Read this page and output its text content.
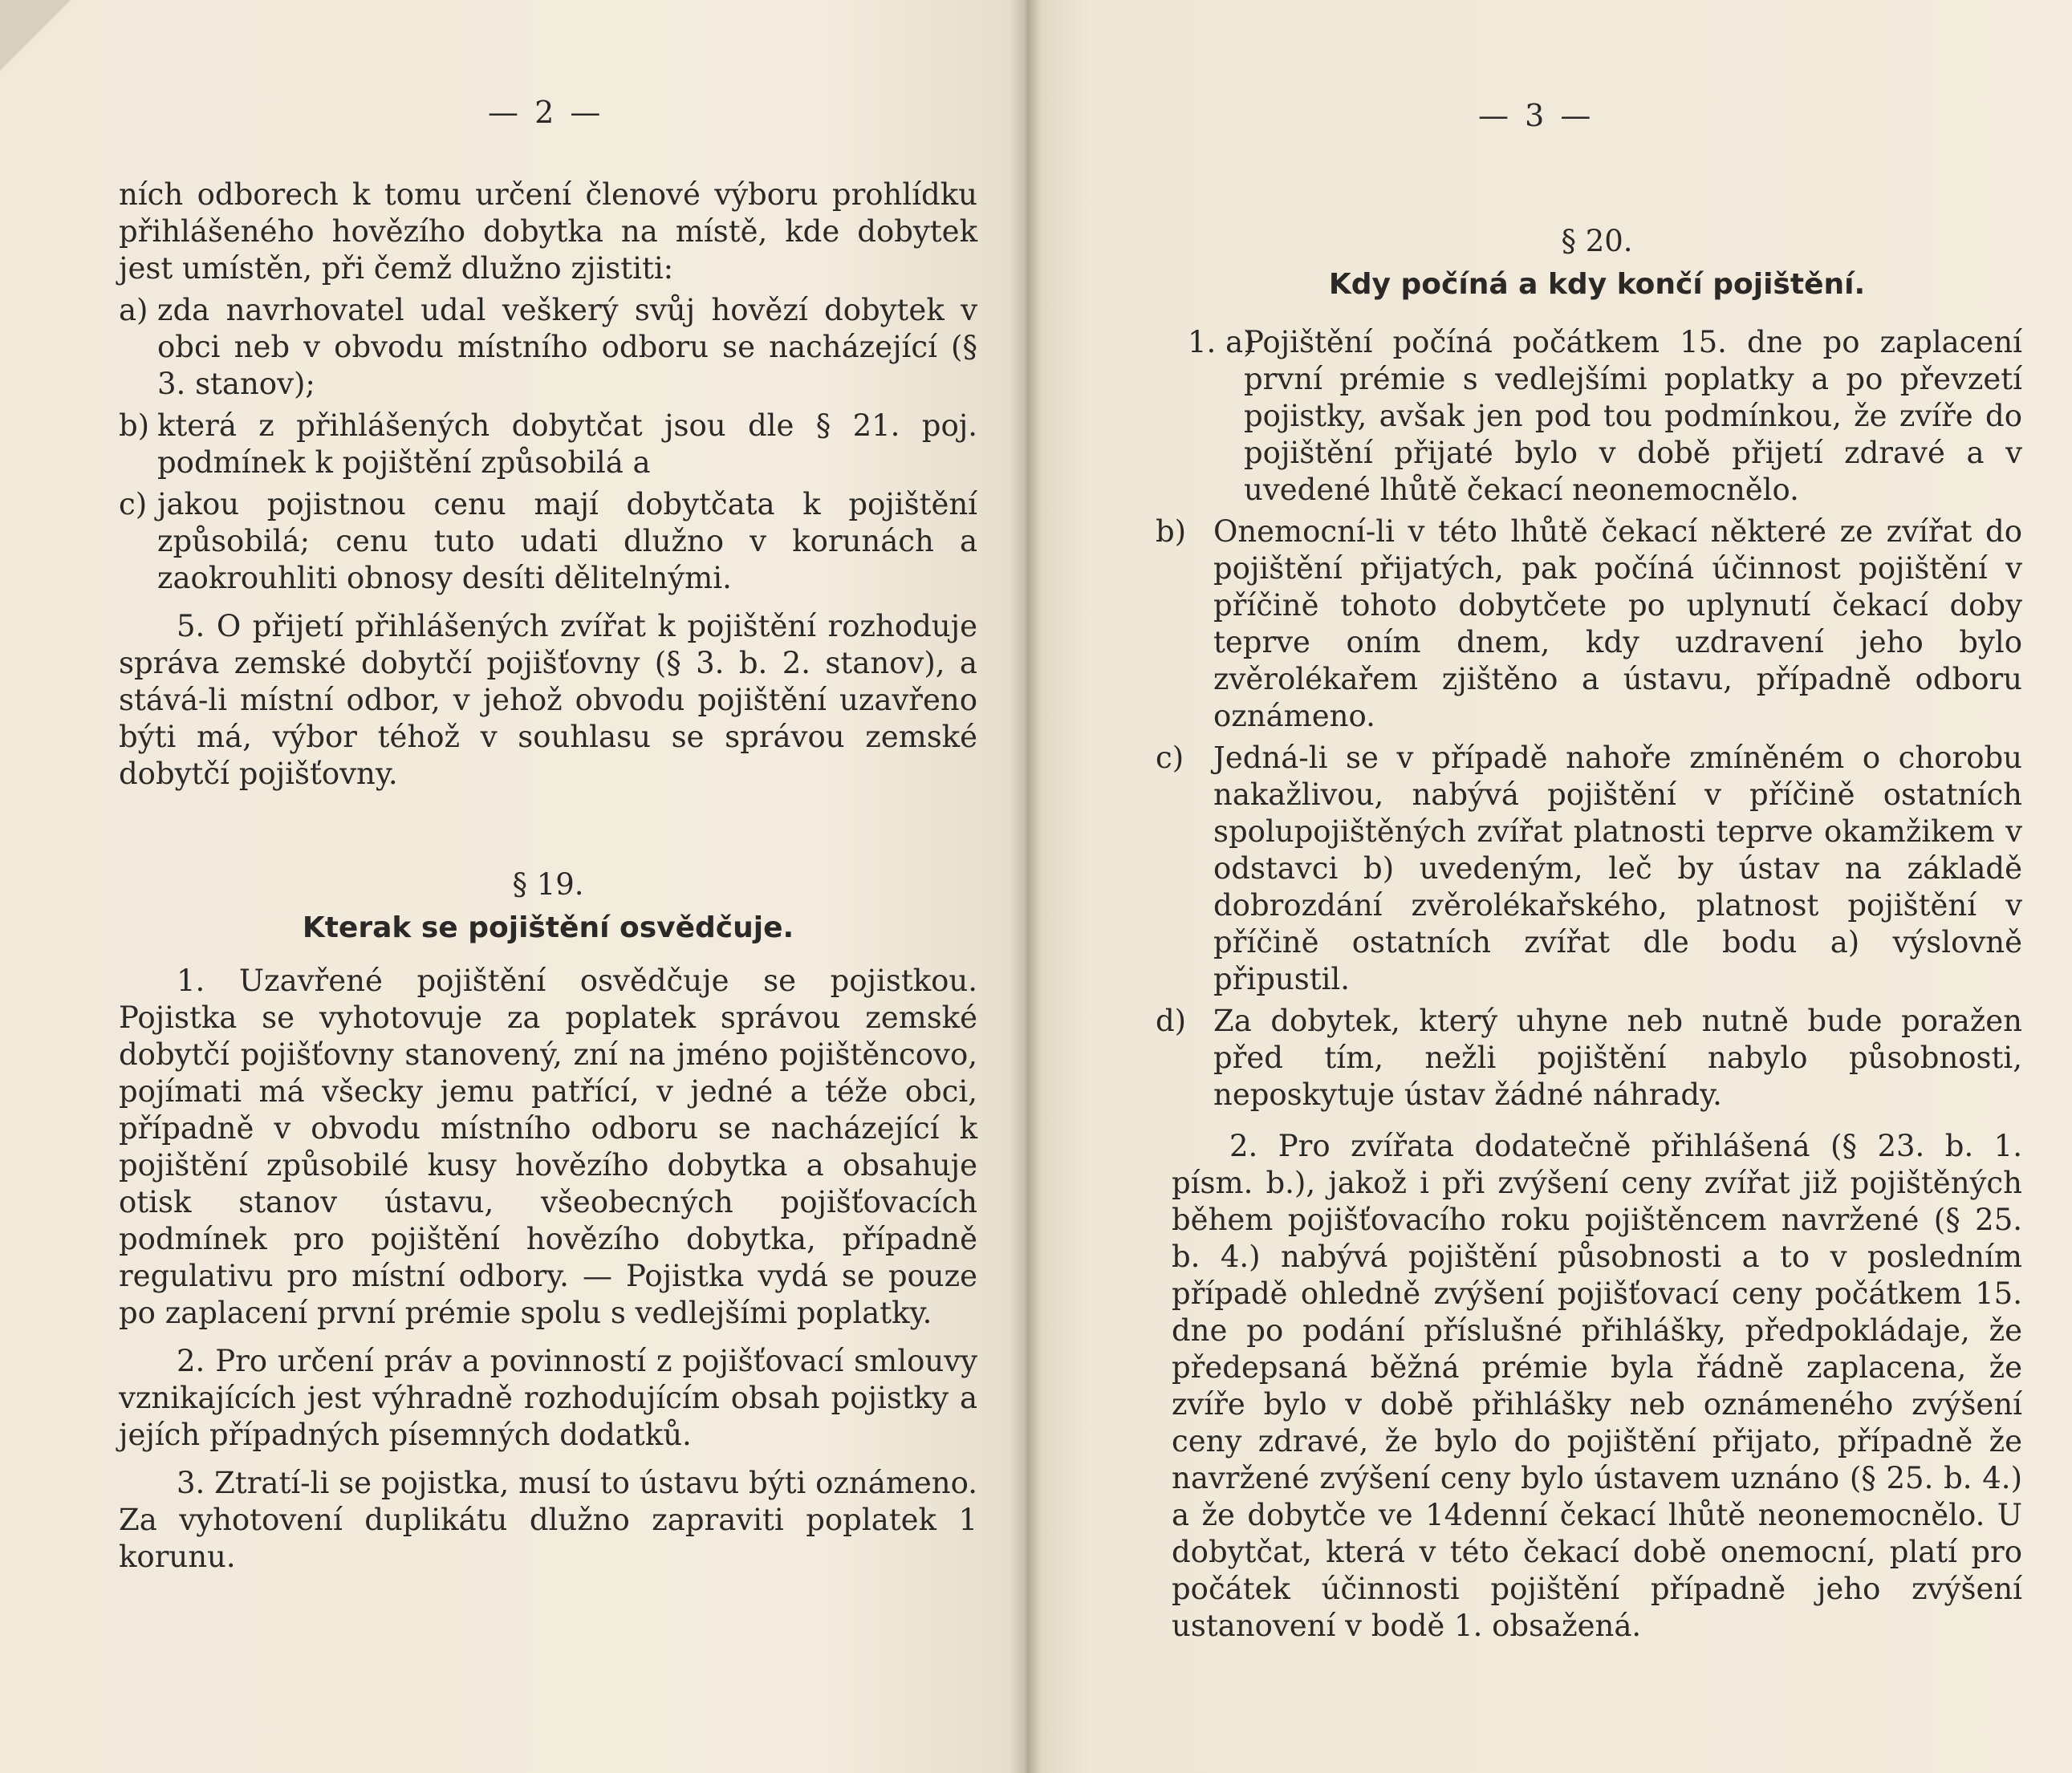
— 2 —

ních odborech k tomu určení členové výboru prohlídku přihlášeného hovězího dobytka na místě, kde dobytek jest umístěn, při čemž dlužno zjistiti:

a) zda navrhovatel udal veškerý svůj hovězí dobytek v obci neb v obvodu místního odboru se nacházející (§ 3. stanov);
b) která z přihlášených dobytčat jsou dle § 21. poj. podmínek k pojištění způsobilá a
c) jakou pojistnou cenu mají dobytčata k pojištění způsobilá; cenu tuto udati dlužno v korunách a zaokrouhliti obnosy desíti dělitelnými.

5. O přijetí přihlášených zvířat k pojištění rozhoduje správa zemské dobytčí pojišťovny (§ 3. b. 2. stanov), a stává-li místní odbor, v jehož obvodu pojištění uzavřeno býti má, výbor téhož v souhlasu se správou zemské dobytčí pojišťovny.

§ 19.
Kterak se pojištění osvědčuje.

1. Uzavřené pojištění osvědčuje se pojistkou. Pojistka se vyhotovuje za poplatek správou zemské dobytčí pojišťovny stanovený, zní na jméno pojištěncovo, pojímati má všecky jemu patřící, v jedné a téže obci, případně v obvodu místního odboru se nacházející k pojištění způsobilé kusy hovězího dobytka a obsahuje otisk stanov ústavu, všeobecných pojišťovacích podmínek pro pojištění hovězího dobytka, případně regulativu pro místní odbory. — Pojistka vydá se pouze po zaplacení první prémie spolu s vedlejšími poplatky.

2. Pro určení práv a povinností z pojišťovací smlouvy vznikajících jest výhradně rozhodujícím obsah pojistky a jejích případných písemných dodatků.

3. Ztratí-li se pojistka, musí to ústavu býti oznámeno. Za vyhotovení duplikátu dlužno zapraviti poplatek 1 korunu.

— 3 —
§ 20.
Kdy počíná a kdy končí pojištění.
1. a)
Pojištění počíná počátkem 15. dne po zaplacení první prémie s vedlejšími poplatky a po převzetí pojistky, avšak jen pod tou podmínkou, že zvíře do pojištění přijaté bylo v době přijetí zdravé a v uvedené lhůtě čekací neonemocnělo.
b) Onemocní-li v této lhůtě čekací některé ze zvířat do pojištění přijatých, pak počíná účinnost pojištění v příčině tohoto dobytčete po uplynutí čekací doby teprve oním dnem, kdy uzdravení jeho bylo zvěrolékařem zjištěno a ústavu, případně odboru oznámeno.
c) Jedná-li se v případě nahoře zmíněném o chorobu nakažlivou, nabývá pojištění v příčině ostatních spolupojištěných zvířat platnosti teprve okamžikem v odstavci b) uvedeným, leč by ústav na základě dobrozdání zvěrolékařského, platnost pojištění v příčině ostatních zvířat dle bodu a) výslovně připustil.
d) Za dobytek, který uhyne neb nutně bude poražen před tím, nežli pojištění nabylo působnosti, neposkytuje ústav žádné náhrady.

2. Pro zvířata dodatečně přihlášená (§ 23. b. 1. písm. b.), jakož i při zvýšení ceny zvířat již pojištěných během pojišťovacího roku pojištěncem navržené (§ 25. b. 4.) nabývá pojištění působnosti a to v posledním případě ohledně zvýšení pojišťovací ceny počátkem 15. dne po podání příslušné přihlášky, předpokládaje, že předepsaná běžná prémie byla řádně zaplacena, že zvíře bylo v době přihlášky neb oznámeného zvýšení ceny zdravé, že bylo do pojištění přijato, případně že navržené zvýšení ceny bylo ústavem uznáno (§ 25. b. 4.) a že dobytče ve 14denní čekací lhůtě neonemocnělo. U dobytčat, která v této čekací době onemocní, platí pro počátek účinnosti pojištění případně jeho zvýšení ustanovení v bodě 1. obsažená.
